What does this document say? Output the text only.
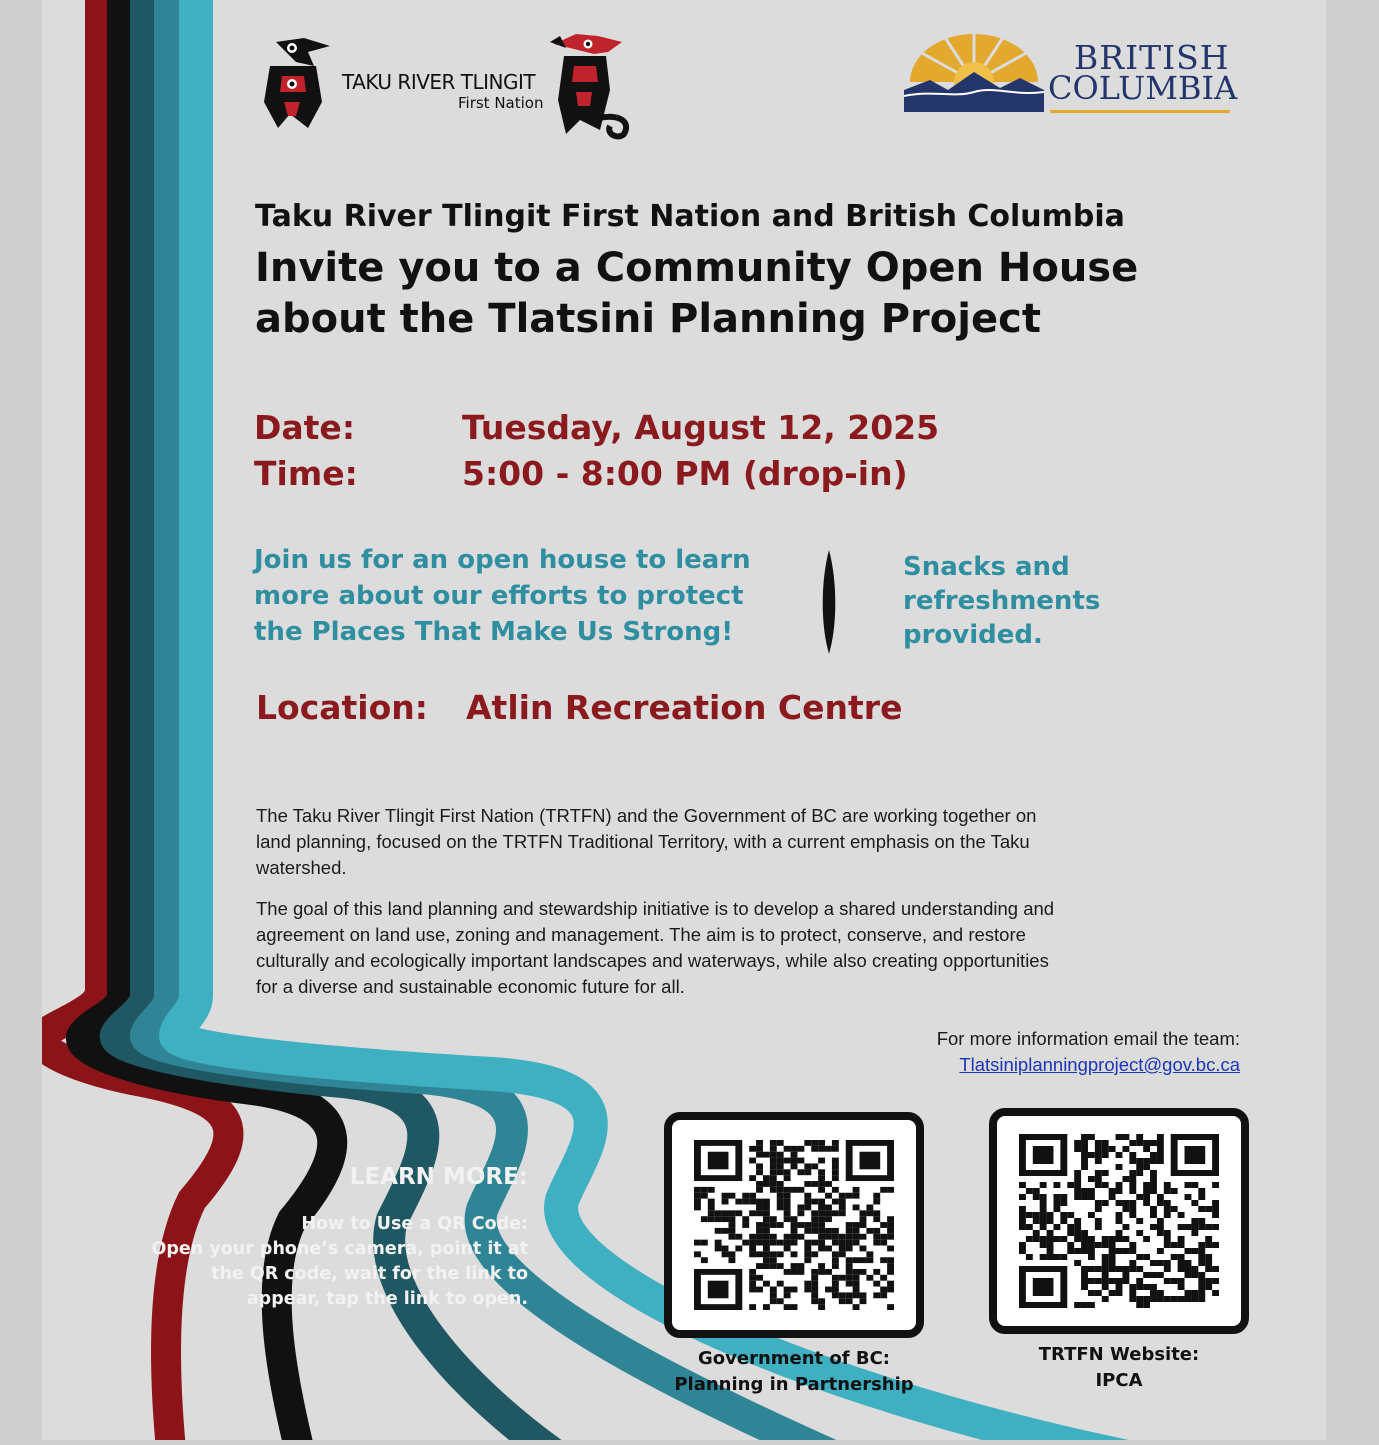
TAKU RIVER TLINGIT
First Nation
BRITISH
COLUMBIA
Taku River Tlingit First Nation and British Columbia
Invite you to a Community Open House
about the Tlatsini Planning Project
Date:	Tuesday, August 12, 2025
Time:	5:00 - 8:00 PM (drop-in)
Join us for an open house to learn
more about our efforts to protect
the Places That Make Us Strong!
Snacks and
refreshments
provided.
Location: Atlin Recreation Centre
The Taku River Tlingit First Nation (TRTFN) and the Government of BC are working together on
land planning, focused on the TRTFN Traditional Territory, with a current emphasis on the Taku
watershed.
The goal of this land planning and stewardship initiative is to develop a shared understanding and
agreement on land use, zoning and management. The aim is to protect, conserve, and restore
culturally and ecologically important landscapes and waterways, while also creating opportunities
for a diverse and sustainable economic future for all.
For more information email the team:
Tlatsiniplanningproject@gov.bc.ca
LEARN MORE:
How to Use a QR Code:
Open your phone’s camera, point it at
the QR code, wait for the link to
appear, tap the link to open.
Government of BC:
Planning in Partnership
TRTFN Website:
IPCA
